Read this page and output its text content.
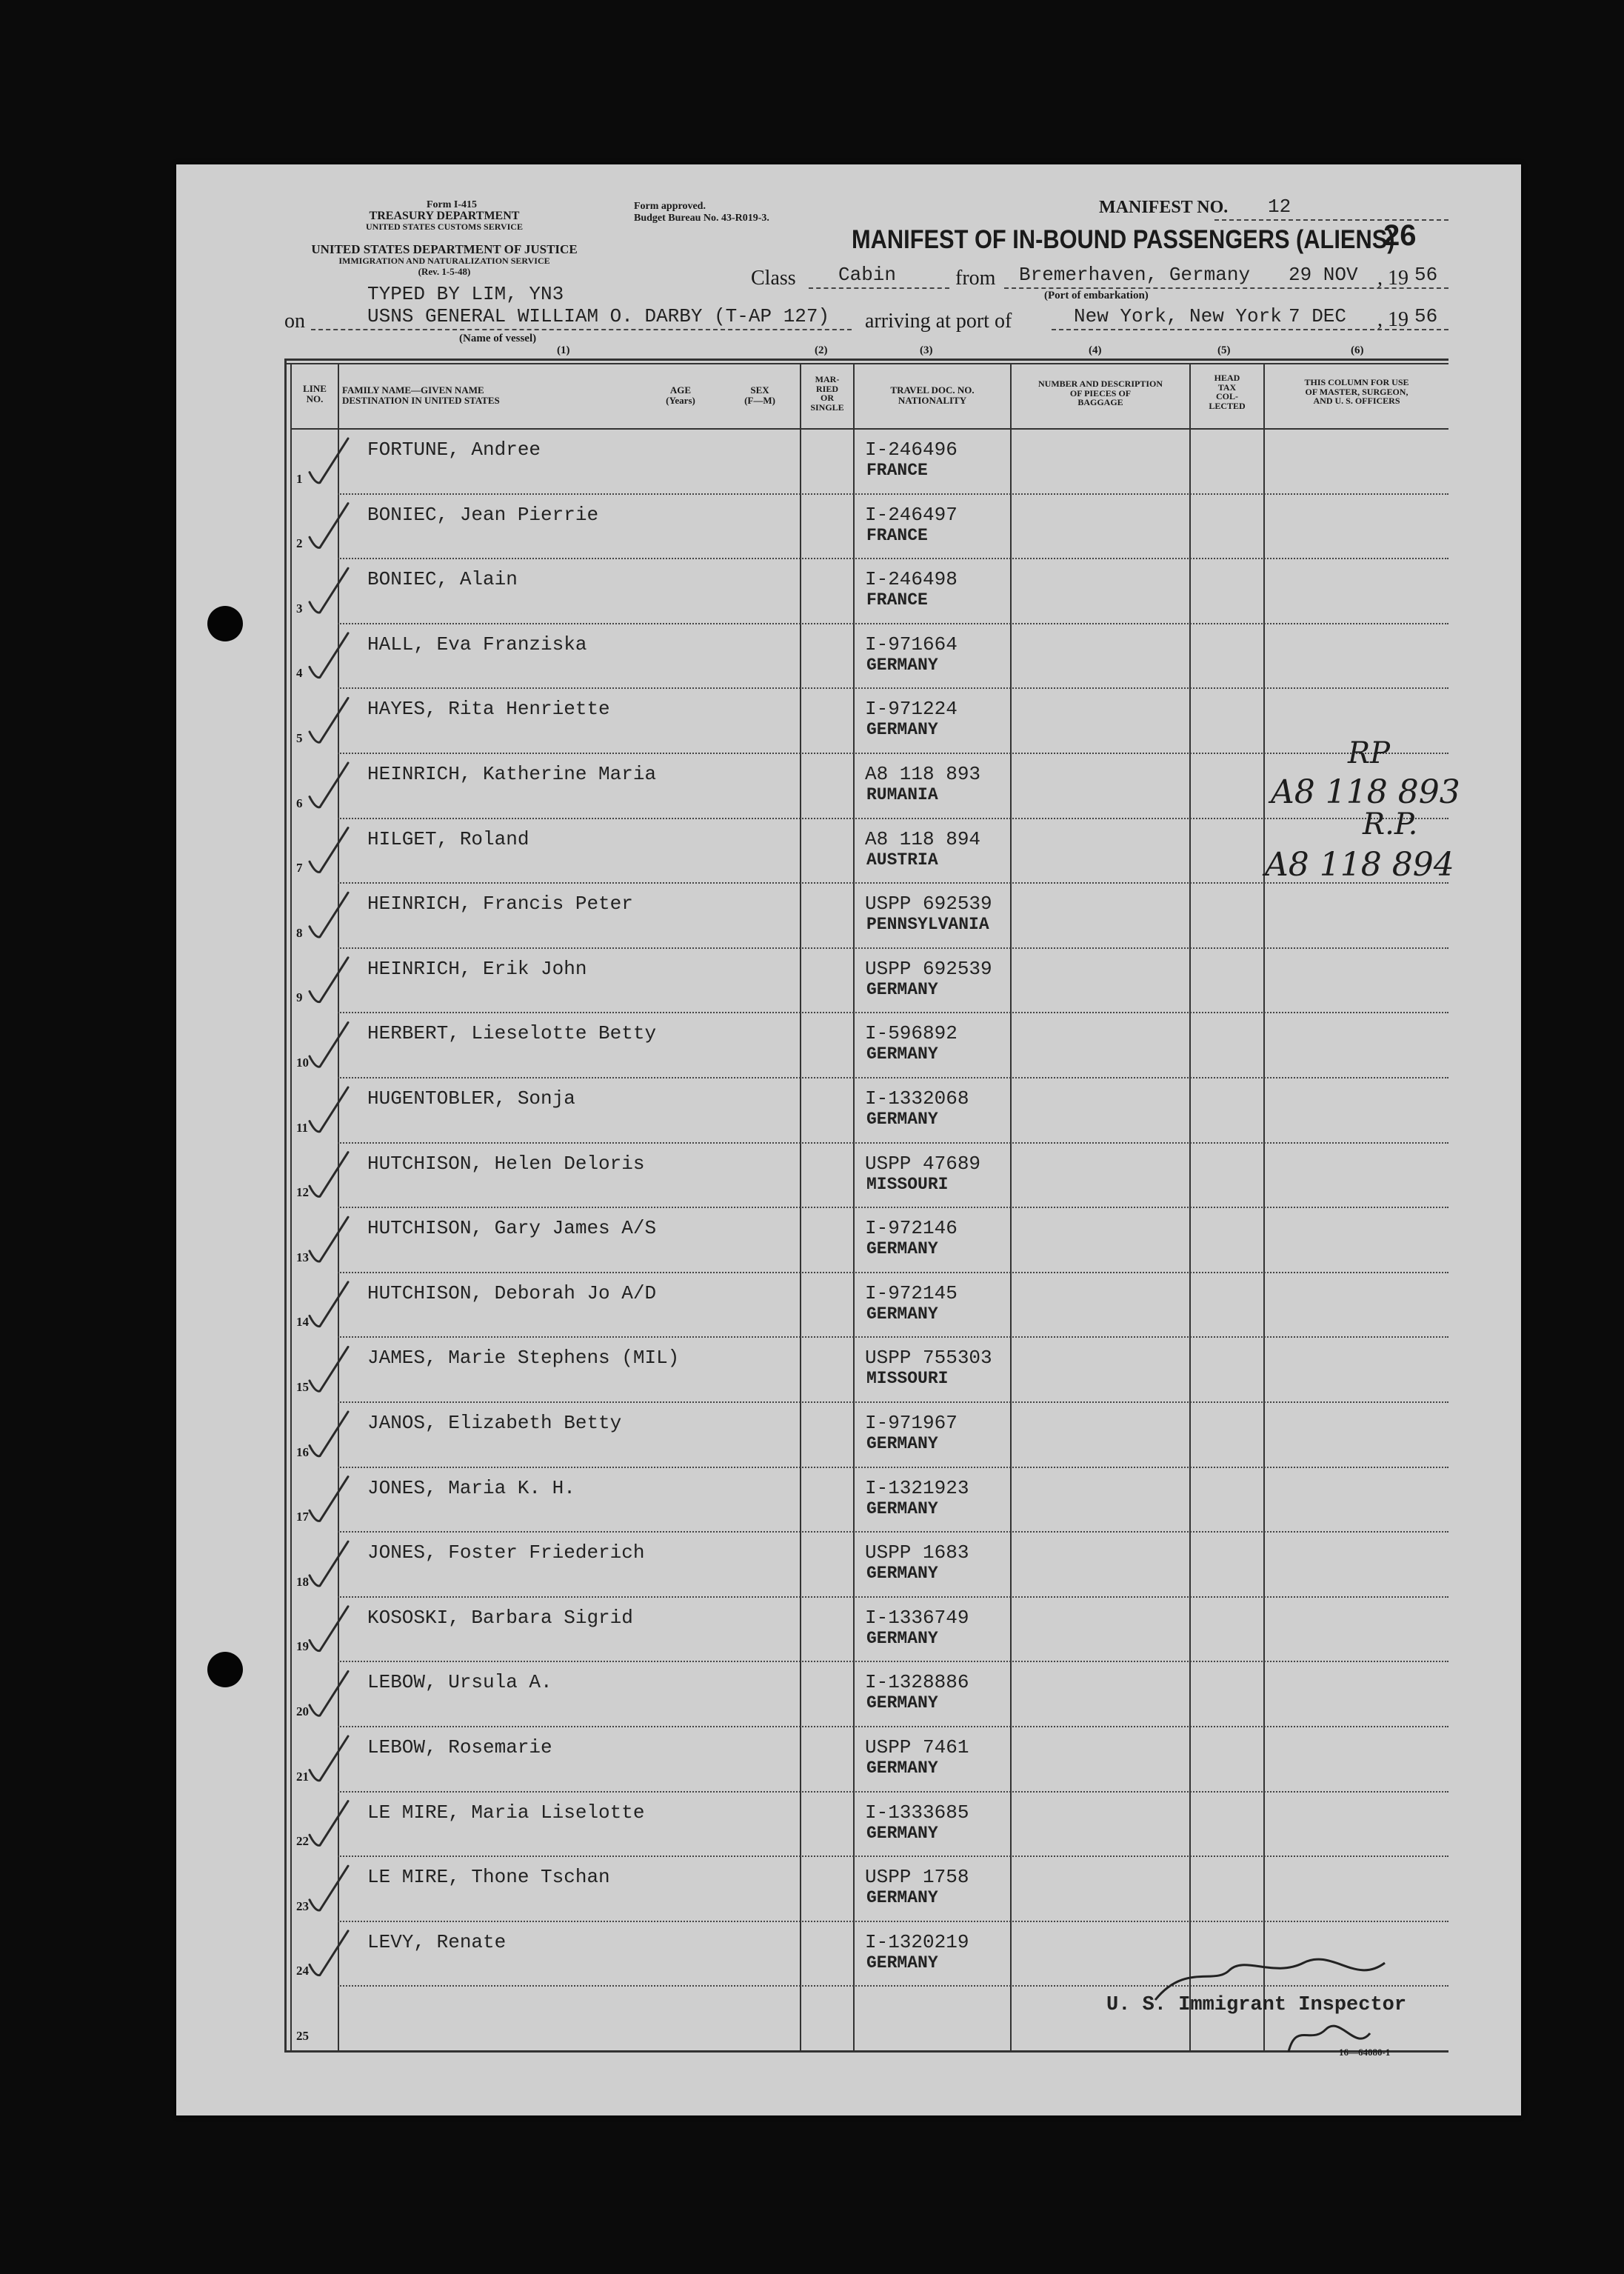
Form I-415
TREASURY DEPARTMENT
UNITED STATES CUSTOMS SERVICE
UNITED STATES DEPARTMENT OF JUSTICE
IMMIGRATION AND NATURALIZATION SERVICE
(Rev. 1-5-48)
Form approved.
Budget Bureau No. 43-R019-3.
MANIFEST NO. 12
MANIFEST OF IN-BOUND PASSENGERS (ALIENS)
26
TYPED BY LIM, YN3
Class Cabin	from Bremerhaven, Germany
(Port of embarkation)
29 NOV , 19 56
on	USNS GENERAL WILLIAM O. DARBY (T-AP 127)
(Name of vessel)
arriving at port of	New York, New York 7 DEC , 19 56
(1)	(2)	(3)	(4)	(5)	(6)
LINE
NO.
FAMILY NAME—GIVEN NAME
DESTINATION IN UNITED STATES
AGE
(Years)
SEX
(F—M)
MAR-
RIED
OR
SINGLE
TRAVEL DOC. NO.
NATIONALITY
NUMBER AND DESCRIPTION
OF PIECES OF
BAGGAGE
HEAD
TAX
COL-
LECTED
THIS COLUMN FOR USE
OF MASTER, SURGEON,
AND U. S. OFFICERS
1
FORTUNE, Andree	I-246496
FRANCE
2
BONIEC, Jean Pierrie	I-246497
FRANCE
3
BONIEC, Alain	I-246498
FRANCE
4
HALL, Eva Franziska	I-971664
GERMANY
5
HAYES, Rita Henriette	I-971224
GERMANY
6
HEINRICH, Katherine Maria	A8 118 893
RUMANIA
7
HILGET, Roland	A8 118 894
AUSTRIA
8
HEINRICH, Francis Peter	USPP 692539
PENNSYLVANIA
9
HEINRICH, Erik John	USPP 692539
GERMANY
10
HERBERT, Lieselotte Betty	I-596892
GERMANY
11
HUGENTOBLER, Sonja	I-1332068
GERMANY
12
HUTCHISON, Helen Deloris	USPP 47689
MISSOURI
13
HUTCHISON, Gary James A/S	I-972146
GERMANY
14
HUTCHISON, Deborah Jo A/D	I-972145
GERMANY
15
JAMES, Marie Stephens (MIL)	USPP 755303
MISSOURI
16
JANOS, Elizabeth Betty	I-971967
GERMANY
17
JONES, Maria K. H.	I-1321923
GERMANY
18
JONES, Foster Friederich	USPP 1683
GERMANY
19
KOSOSKI, Barbara Sigrid	I-1336749
GERMANY
20
LEBOW, Ursula A.	I-1328886
GERMANY
21
LEBOW, Rosemarie	USPP 7461
GERMANY
22
LE MIRE, Maria Liselotte	I-1333685
GERMANY
23
LE MIRE, Thone Tschan	USPP 1758
GERMANY
24
LEVY, Renate	I-1320219
GERMANY
25
RP
A8 118 893
R.P.
A8 118 894
U. S. Immigrant Inspector
16—64080-1
